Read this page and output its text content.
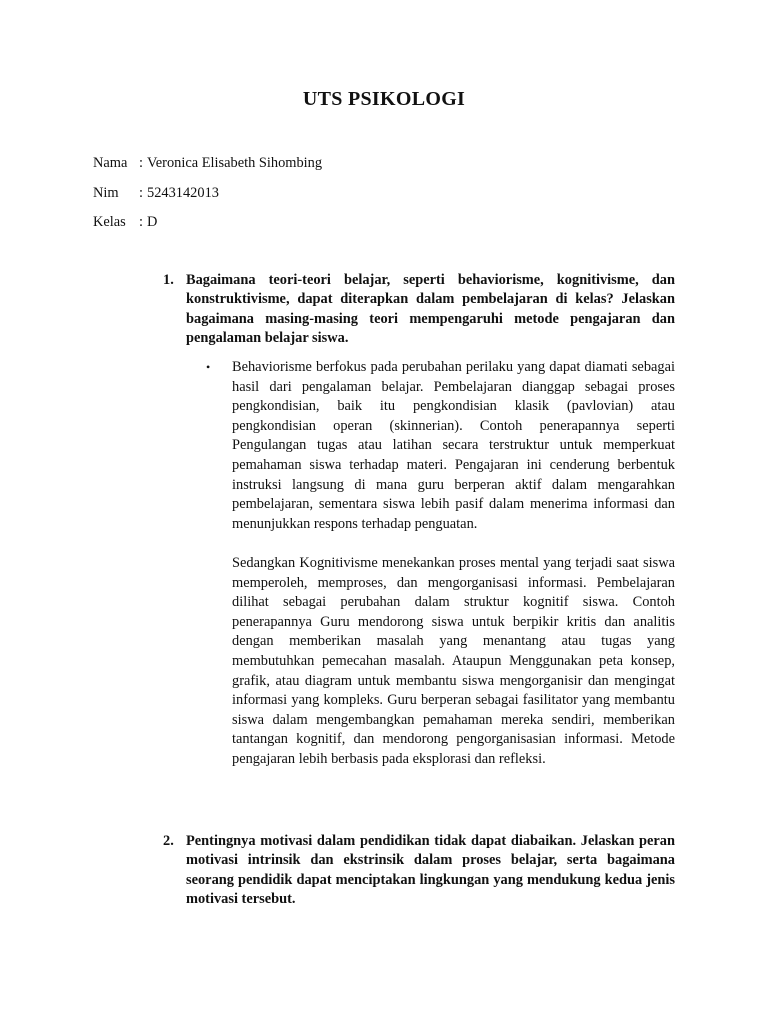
UTS PSIKOLOGI
Nama : Veronica Elisabeth Sihombing
Nim	: 5243142013
Kelas : D
1. Bagaimana teori-teori belajar, seperti behaviorisme, kognitivisme, dan konstruktivisme, dapat diterapkan dalam pembelajaran di kelas? Jelaskan bagaimana masing-masing teori mempengaruhi metode pengajaran dan pengalaman belajar siswa.
•	Behaviorisme berfokus pada perubahan perilaku yang dapat diamati sebagai hasil dari pengalaman belajar. Pembelajaran dianggap sebagai proses pengkondisian, baik itu pengkondisian klasik (pavlovian) atau pengkondisian operan (skinnerian). Contoh penerapannya seperti Pengulangan tugas atau latihan secara terstruktur untuk memperkuat pemahaman siswa terhadap materi. Pengajaran ini cenderung berbentuk instruksi langsung di mana guru berperan aktif dalam mengarahkan pembelajaran, sementara siswa lebih pasif dalam menerima informasi dan menunjukkan respons terhadap penguatan.

Sedangkan Kognitivisme menekankan proses mental yang terjadi saat siswa memperoleh, memproses, dan mengorganisasi informasi. Pembelajaran dilihat sebagai perubahan dalam struktur kognitif siswa. Contoh penerapannya Guru mendorong siswa untuk berpikir kritis dan analitis dengan memberikan masalah yang menantang atau tugas yang membutuhkan pemecahan masalah. Ataupun Menggunakan peta konsep, grafik, atau diagram untuk membantu siswa mengorganisir dan mengingat informasi yang kompleks. Guru berperan sebagai fasilitator yang membantu siswa dalam mengembangkan pemahaman mereka sendiri, memberikan tantangan kognitif, dan mendorong pengorganisasian informasi. Metode pengajaran lebih berbasis pada eksplorasi dan refleksi.

2. Pentingnya motivasi dalam pendidikan tidak dapat diabaikan. Jelaskan peran motivasi intrinsik dan ekstrinsik dalam proses belajar, serta bagaimana seorang pendidik dapat menciptakan lingkungan yang mendukung kedua jenis motivasi tersebut.
